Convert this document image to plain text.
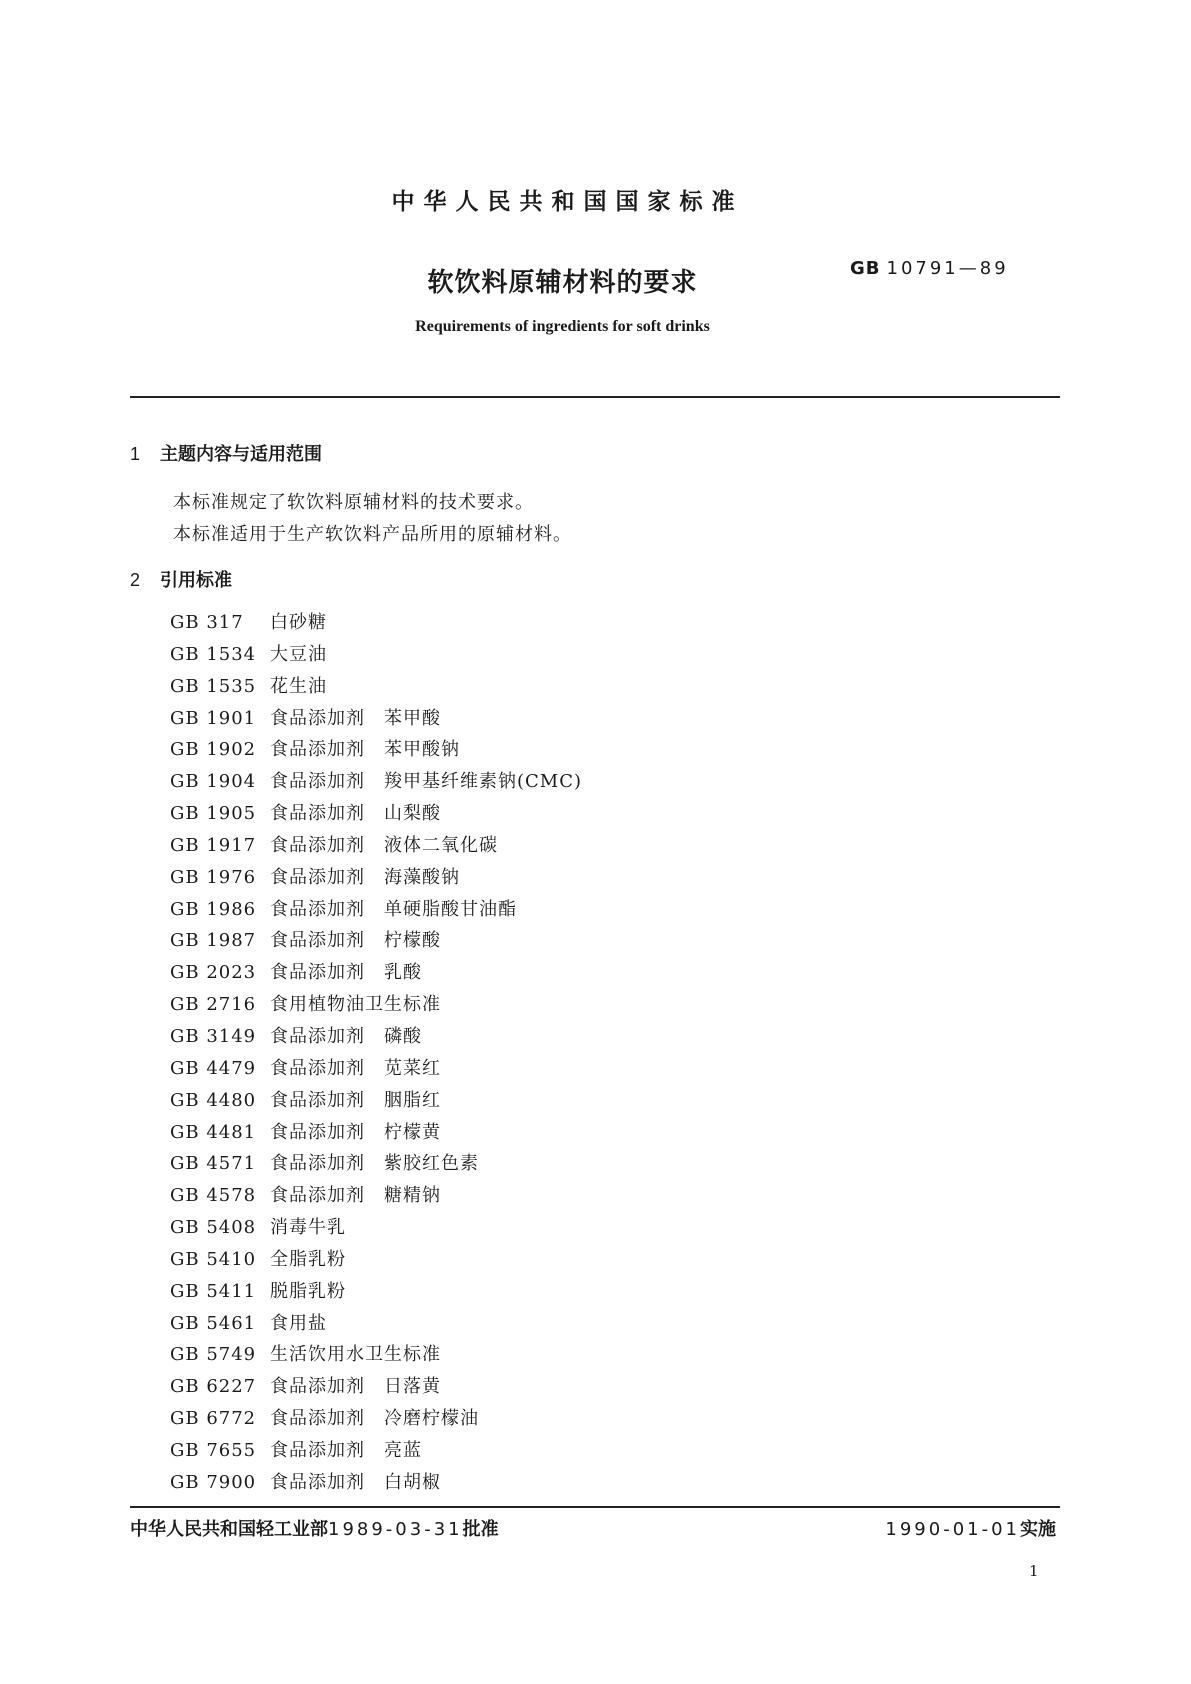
中华人民共和国国家标准
软饮料原辅材料的要求	GB 10791—89
Requirements of ingredients for soft drinks
1 主题内容与适用范围
本标准规定了软饮料原辅材料的技术要求。
本标准适用于生产软饮料产品所用的原辅材料。
2 引用标准
GB 317 白砂糖
GB 1534 大豆油
GB 1535 花生油
GB 1901 食品添加剂　苯甲酸
GB 1902 食品添加剂　苯甲酸钠
GB 1904 食品添加剂　羧甲基纤维素钠(CMC)
GB 1905 食品添加剂　山梨酸
GB 1917 食品添加剂　液体二氧化碳
GB 1976 食品添加剂　海藻酸钠
GB 1986 食品添加剂　单硬脂酸甘油酯
GB 1987 食品添加剂　柠檬酸
GB 2023 食品添加剂　乳酸
GB 2716 食用植物油卫生标准
GB 3149 食品添加剂　磷酸
GB 4479 食品添加剂　苋菜红
GB 4480 食品添加剂　胭脂红
GB 4481 食品添加剂　柠檬黄
GB 4571 食品添加剂　紫胶红色素
GB 4578 食品添加剂　糖精钠
GB 5408 消毒牛乳
GB 5410 全脂乳粉
GB 5411 脱脂乳粉
GB 5461 食用盐
GB 5749 生活饮用水卫生标准
GB 6227 食品添加剂　日落黄
GB 6772 食品添加剂　冷磨柠檬油
GB 7655 食品添加剂　亮蓝
GB 7900 食品添加剂　白胡椒
中华人民共和国轻工业部1989-03-31批准	1990-01-01实施
1
